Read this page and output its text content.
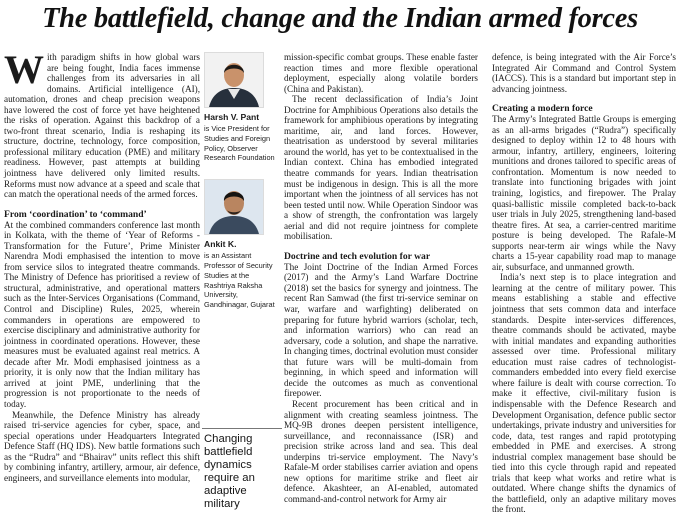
The battlefield, change and the Indian armed forces

With paradigm shifts in how global wars are being fought, India faces immense challenges from its adversaries in all domains. Artificial intelligence (AI), automation, drones and cheap precision weapons have lowered the cost of force yet have heightened the risks of operation. Against this backdrop of a two-front threat scenario, India is reshaping its structure, doctrine, technology, force composition, professional military education (PME) and military readiness. However, past attempts at building jointness have delivered only limited results. Reforms must now advance at a speed and scale that can match the operational needs of the armed forces.

From ‘coordination’ to ‘command’

At the combined commanders conference last month in Kolkata, with the theme of ‘Year of Reforms - Transformation for the Future’, Prime Minister Narendra Modi emphasised the intention to move from service silos to integrated theatre commands. The Ministry of Defence has prioritised a review of structural, administrative, and operational matters such as the Inter-Services Organisations (Command, Control and Discipline) Rules, 2025, wherein commanders in operations are empowered to exercise disciplinary and administrative authority for jointness in coordinated operations. However, these measures must be evaluated against real metrics. A decade after Mr. Modi emphasised jointness as a priority, it is only now that the Indian military has arrived at joint PME, underlining that the progression is not proportionate to the needs of today.

Meanwhile, the Defence Ministry has already raised tri-service agencies for cyber, space, and special operations under Headquarters Integrated Defence Staff (HQ IDS). New battle formations such as the “Rudra” and “Bhairav” units reflect this shift by combining infantry, artillery, armour, air defence, engineers, and surveillance elements into modular,

Harsh V. Pant
is Vice President for Studies and Foreign Policy, Observer Research Foundation
Ankit K.
is an Assistant Professor of Security Studies at the Rashtriya Raksha University, Gandhinagar, Gujarat
Changing battlefield dynamics require an adaptive military

mission-specific combat groups. These enable faster reaction times and more flexible operational deployment, especially along volatile borders (China and Pakistan).

The recent declassification of India’s Joint Doctrine for Amphibious Operations also details the framework for amphibious operations by integrating maritime, air, and land forces. However, theatrisation as understood by several militaries around the world, has yet to be contextualised in the Indian context. China has embodied integrated theatre commands for years. Indian theatrisation must be indigenous in design. This is all the more important when the jointness of all services has not been tested until now. While Operation Sindoor was a show of strength, the confrontation was largely aerial and did not require jointness for complete mobilisation.

Doctrine and tech evolution for war

The Joint Doctrine of the Indian Armed Forces (2017) and the Army’s Land Warfare Doctrine (2018) set the basics for synergy and jointness. The recent Ran Samwad (the first tri-service seminar on war, warfare and warfighting) deliberated on preparing for future hybrid warriors (scholar, tech, and information warriors) who can read an adversary, code a solution, and shape the narrative. In changing times, doctrinal evolution must consider that future wars will be multi-domain from beginning, in which speed and information will decide the outcomes as much as conventional firepower.

Recent procurement has been critical and in alignment with creating seamless jointness. The MQ-9B drones deepen persistent intelligence, surveillance, and reconnaissance (ISR) and precision strike across land and sea. This deal underpins tri-service employment. The Navy’s Rafale-M order stabilises carrier aviation and opens new options for maritime strike and fleet air defence. Akashteer, an AI-enabled, automated command-and-control network for Army air

defence, is being integrated with the Air Force’s Integrated Air Command and Control System (IACCS). This is a standard but important step in advancing jointness.

Creating a modern force

The Army’s Integrated Battle Groups is emerging as an all-arms brigades (“Rudra”) specifically designed to deploy within 12 to 48 hours with armour, infantry, artillery, engineers, loitering munitions and drones tailored to specific areas of confrontation. Momentum is now needed to translate into functioning brigades with joint training, logistics, and firepower. The Pralay quasi-ballistic missile completed back-to-back user trials in July 2025, strengthening land-based theatre fires. At sea, a carrier-centred maritime posture is being developed. The Rafale-M supports near-term air wings while the Navy charts a 15-year capability road map to manage air, subsurface, and unmanned growth.

India’s next step is to place integration and learning at the centre of military power. This means establishing a stable and effective jointness that sets common data and interface standards. Despite inter-services differences, theatre commands should be activated, maybe with initial mandates and expanding authorities assessed over time. Professional military education must raise cadres of technologist-commanders embedded into every field exercise where failure is dealt with course correction. To make it effective, civil-military fusion is indispensable with the Defence Research and Development Organisation, defence public sector undertakings, private industry and universities for code, data, test ranges and rapid prototyping embedded in PME and exercises. A strong industrial complex management base should be tied into this cycle through rapid and repeated trials that keep what works and retire what is outdated. Where change shifts the dynamics of the battlefield, only an adaptive military moves the front.
